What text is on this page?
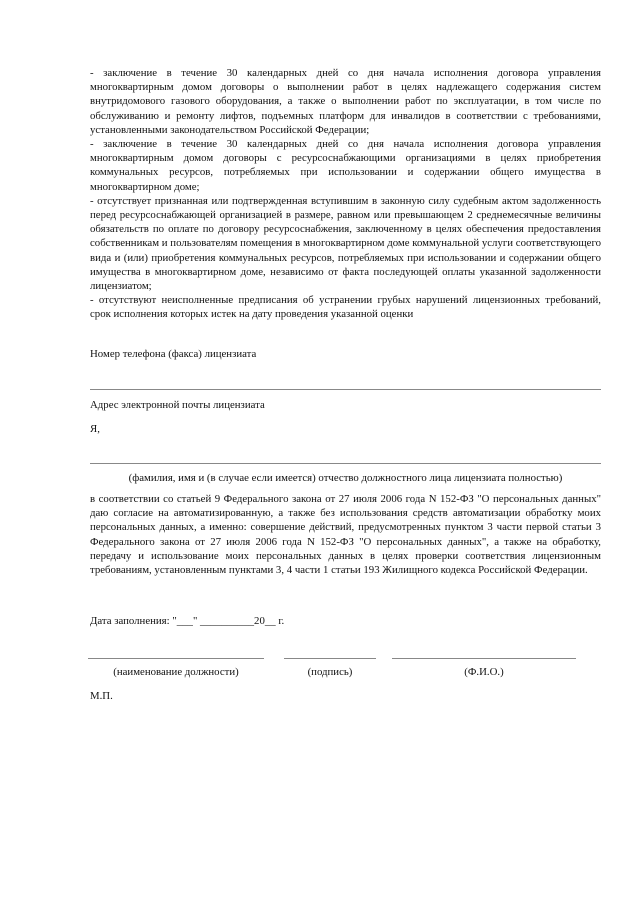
- заключение в течение 30 календарных дней со дня начала исполнения договора управления многоквартирным домом договоры о выполнении работ в целях надлежащего содержания систем внутридомового газового оборудования, а также о выполнении работ по эксплуатации, в том числе по обслуживанию и ремонту лифтов, подъемных платформ для инвалидов в соответствии с требованиями, установленными законодательством Российской Федерации;

- заключение в течение 30 календарных дней со дня начала исполнения договора управления многоквартирным домом договоры с ресурсоснабжающими организациями в целях приобретения коммунальных ресурсов, потребляемых при использовании и содержании общего имущества в многоквартирном доме;

- отсутствует признанная или подтвержденная вступившим в законную силу судебным актом задолженность перед ресурсоснабжающей организацией в размере, равном или превышающем 2 среднемесячные величины обязательств по оплате по договору ресурсоснабжения, заключенному в целях обеспечения предоставления собственникам и пользователям помещения в многоквартирном доме коммунальной услуги соответствующего вида и (или) приобретения коммунальных ресурсов, потребляемых при использовании и содержании общего имущества в многоквартирном доме, независимо от факта последующей оплаты указанной задолженности лицензиатом;

- отсутствуют неисполненные предписания об устранении грубых нарушений лицензионных требований, срок исполнения которых истек на дату проведения указанной оценки

Номер телефона (факса) лицензиата
Адрес электронной почты лицензиата
Я,
(фамилия, имя и (в случае если имеется) отчество должностного лица лицензиата полностью)

в соответствии со статьей 9 Федерального закона от 27 июля 2006 года N 152-ФЗ "О персональных данных" даю согласие на автоматизированную, а также без использования средств автоматизации обработку моих персональных данных, а именно: совершение действий, предусмотренных пунктом 3 части первой статьи 3 Федерального закона от 27 июля 2006 года N 152-ФЗ "О персональных данных", а также на обработку, передачу и использование моих персональных данных в целях проверки соответствия лицензионным требованиям, установленным пунктами 3, 4 части 1 статьи 193 Жилищного кодекса Российской Федерации.

Дата заполнения: "___" __________20__ г.
(наименование должности)	(подпись)	(Ф.И.О.)
М.П.
